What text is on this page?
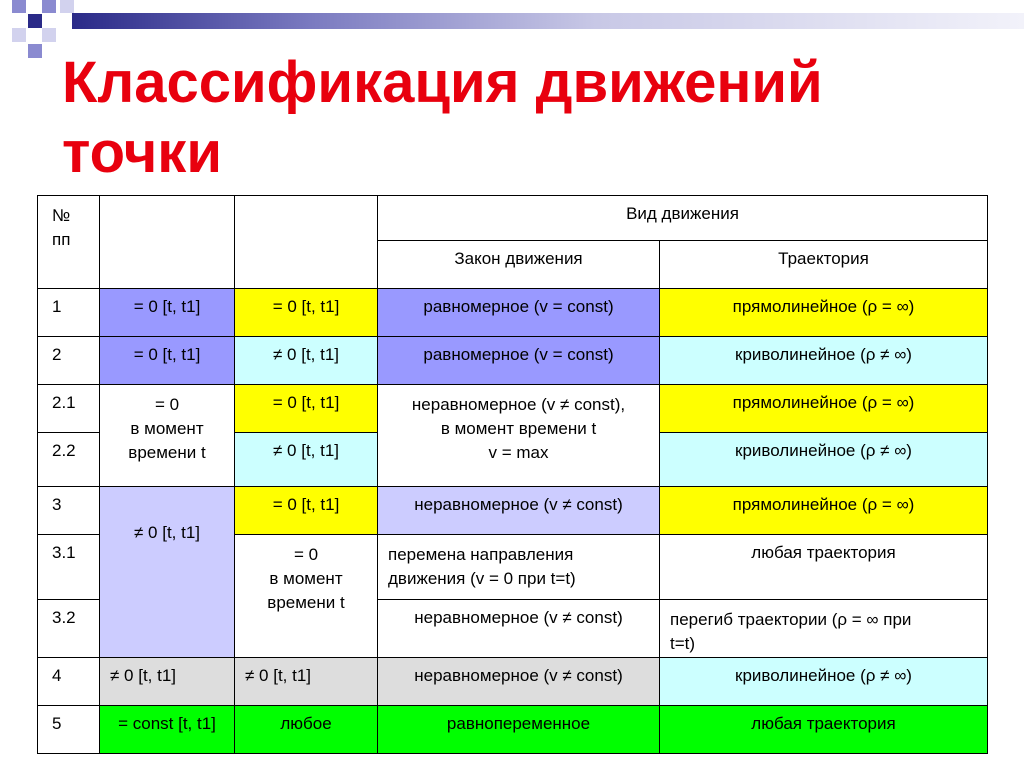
Классификация движений
точки
№
пп			Вид движения	
			Закон движения	Траектория
1	= 0 [t, t1]	= 0 [t, t1]	равномерное (v = const)	прямолинейное (ρ = ∞)
2	= 0 [t, t1]	≠ 0 [t, t1]	равномерное (v = const)	криволинейное (ρ ≠ ∞)
2.1	= 0
в момент
времени t	= 0 [t, t1]	неравномерное (v ≠ const),
в момент времени t
v = max	прямолинейное (ρ = ∞)
2.2		≠ 0 [t, t1]		криволинейное (ρ ≠ ∞)
3	≠ 0 [t, t1]	= 0 [t, t1]	неравномерное (v ≠ const)	прямолинейное (ρ = ∞)
3.1		= 0
в момент
времени t	перемена направления
движения (v = 0 при t=t)	любая траектория
3.2			неравномерное (v ≠ const)	перегиб траектории (ρ = ∞ при
t=t)

4	≠ 0 [t, t1]	≠ 0 [t, t1]	неравномерное (v ≠ const)	криволинейное (ρ ≠ ∞)
5	= const [t, t1]	любое	равнопеременное	любая траектория
